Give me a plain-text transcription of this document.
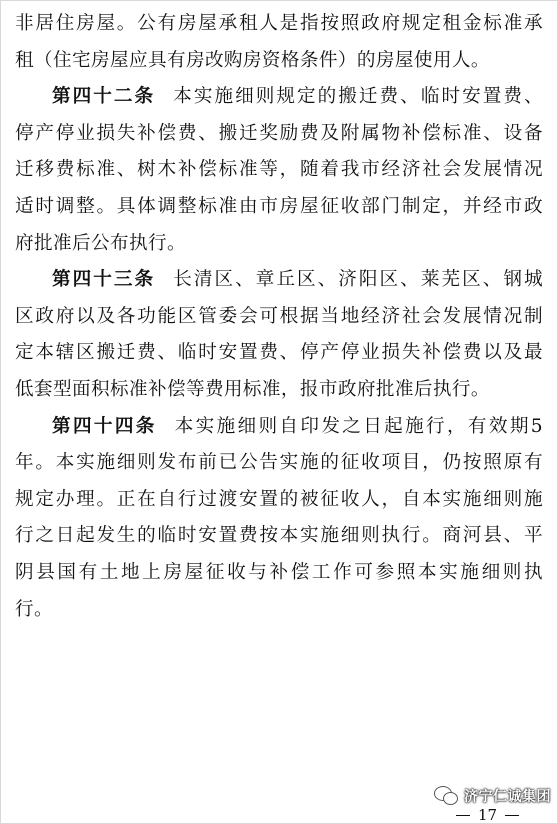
非居住房屋。公有房屋承租人是指按照政府规定租金标准承
租（住宅房屋应具有房改购房资格条件）的房屋使用人。
第四十二条 本实施细则规定的搬迁费、临时安置费、
停产停业损失补偿费、搬迁奖励费及附属物补偿标准、设备
迁移费标准、树木补偿标准等，随着我市经济社会发展情况
适时调整。具体调整标准由市房屋征收部门制定，并经市政
府批准后公布执行。
第四十三条 长清区、章丘区、济阳区、莱芜区、钢城
区政府以及各功能区管委会可根据当地经济社会发展情况制
定本辖区搬迁费、临时安置费、停产停业损失补偿费以及最
低套型面积标准补偿等费用标准，报市政府批准后执行。
第四十四条 本实施细则自印发之日起施行，有效期5
年。本实施细则发布前已公告实施的征收项目，仍按照原有
规定办理。正在自行过渡安置的被征收人，自本实施细则施
行之日起发生的临时安置费按本实施细则执行。商河县、平
阴县国有土地上房屋征收与补偿工作可参照本实施细则执
行。
济宁仁诚集团
17
